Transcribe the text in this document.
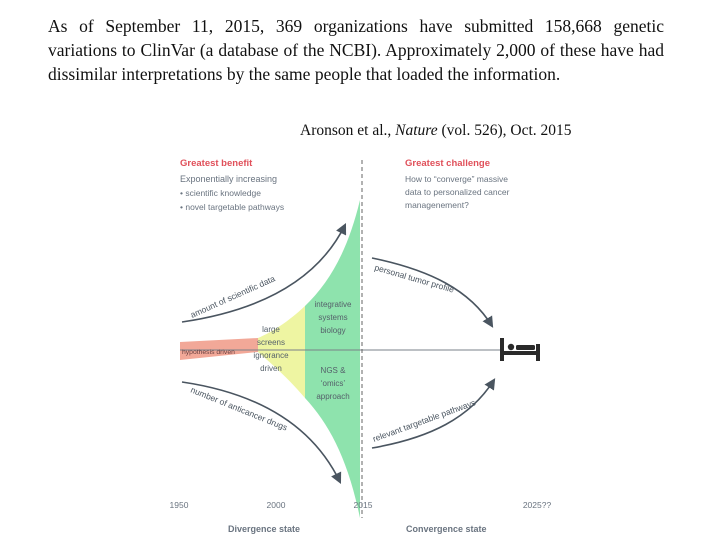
As of September 11, 2015, 369 organizations have submitted 158,668 genetic variations to ClinVar (a database of the NCBI). Approximately 2,000 of these have had dissimilar interpretations by the same people that loaded the information.

Aronson et al., Nature (vol. 526), Oct. 2015
Greatest benefit
Exponentially increasing
• scientific knowledge
• novel targetable pathways
Greatest challenge
How to “converge” massive
data to personalized cancer
managenement?
hypothesis driven
large
screens
ignorance
driven
integrative
systems
biology
NGS &
‘omics’
approach
amount of scientific data
number of anticancer drugs
personal tumor profile
relevant targetable pathways
1950	2000	2015	2025??
Divergence state	Convergence state
